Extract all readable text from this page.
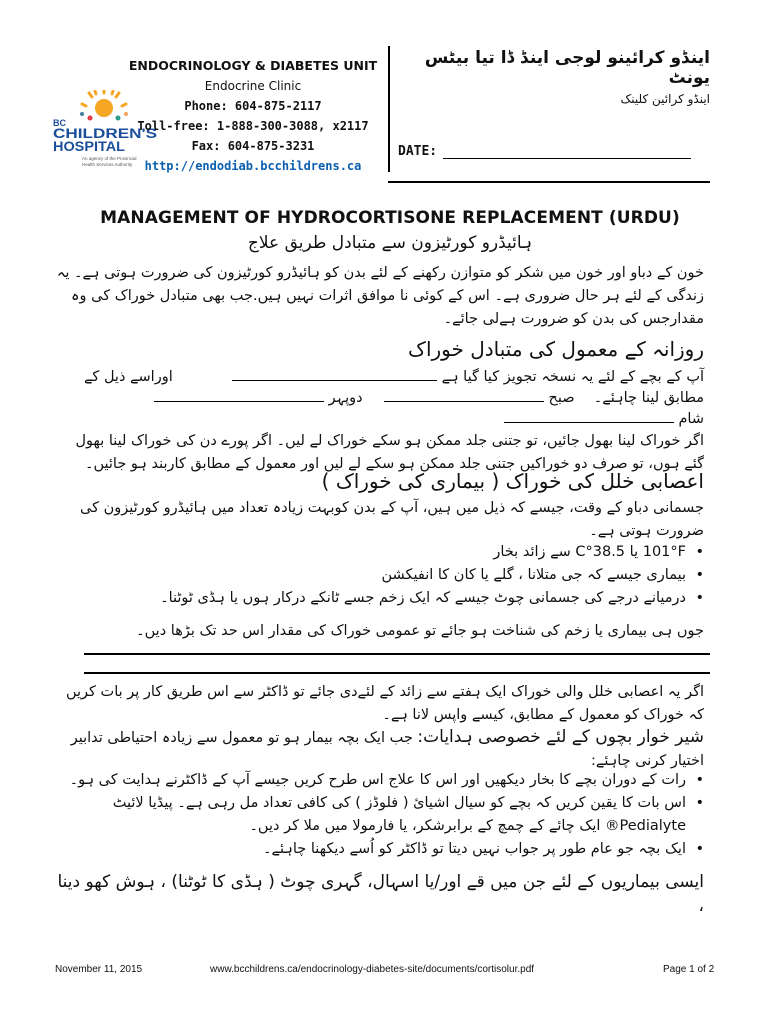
BC
CHILDREN'S
HOSPITAL
An agency of the Provincial
Health Services Authority
ENDOCRINOLOGY & DIABETES UNIT
Endocrine Clinic
Phone: 604-875-2117
Toll-free: 1-888-300-3088, x2117
Fax: 604-875-3231
http://endodiab.bcchildrens.ca
اینڈو کرائینو لوجی اینڈ ڈا تیا بیٹس یونٹ
اینڈو کرائین کلینک
DATE:
MANAGEMENT OF HYDROCORTISONE REPLACEMENT (URDU)
ہائیڈرو کورٹیزون سے متبادل طریق علاج
خون کے دباو اور خون میں شکر کو متوازن رکھنے کے لئے بدن کو ہائیڈرو کورٹیزون کی ضرورت ہوتی ہے۔ یہ زندگی کے لئے ہر حال ضروری ہے۔ اس کے کوئی نا موافق اثرات نہیں ہیں.جب بھی متبادل خوراک کی وہ مقدارجس کی بدن کو ضرورت ہےلی جائے۔
روزانہ کے معمول کی متبادل خوراک
آپ کے بچے کے لئے یہ نسخہ تجویز کیا گیا ہے   اوراسے ذیل کے
مطابق لینا چاہئے۔  صبح   دوپہر
شام
اگر خوراک لینا بھول جائیں، تو جتنی جلد ممکن ہو سکے خوراک لے لیں۔ اگر پورے دن کی خوراک لینا بھول گئے ہوں، تو صرف دو خوراکیں جتنی جلد ممکن ہو سکے لے لیں اور معمول کے مطابق کاربند ہو جائیں۔
اعصابی خلل کی خوراک ( بیماری کی خوراک )
جسمانی دباو کے وقت، جیسے کہ ذیل میں ہیں، آپ کے بدن کوبہت زیادہ تعداد میں ہائیڈرو کورٹیزون کی ضرورت ہوتی ہے۔
• 101°F یا 38.5°C سے زائد بخار
• بیماری جیسے کہ جی متلانا ، گلے یا کان کا انفیکشن
• درمیانے درجے کی جسمانی چوٹ جیسے کہ ایک زخم جسے ٹانکے درکار ہوں یا ہڈی ٹوٹنا۔
جوں ہی بیماری یا زخم کی شناخت ہو جائے تو عمومی خوراک کی مقدار اس حد تک بڑھا دیں۔
اگر یہ اعصابی خلل والی خوراک ایک ہفتے سے زائد کے لئےدی جائے تو ڈاکٹر سے اس طریق کار پر بات کریں کہ خوراک کو معمول کے مطابق، کیسے واپس لانا ہے۔
شیر خوار بچوں کے لئے خصوصی ہدایات: جب ایک بچہ بیمار ہو تو معمول سے زیادہ احتیاطی تدابیر اختیار کرنی چاہئے:
• رات کے دوران بچے کا بخار دیکھیں اور اس کا علاج اس طرح کریں جیسے آپ کے ڈاکٹرنے ہدایت کی ہو۔
• اس بات کا یقین کریں کہ بچے کو سیال اشیائ ( فلوڈز ) کی کافی تعداد مل رہی ہے۔ پیڈیا لائیٹ Pedialyte® ایک چائے کے چمچ کے برابرشکر، یا فارمولا میں ملا کر دیں۔
• ایک بچہ جو عام طور پر جواب نہیں دیتا تو ڈاکٹر کو اُسے دیکھنا چاہئے۔
ایسی بیماریوں کے لئے جن میں قے اور/یا اسہال، گہری چوٹ ( ہڈی کا ٹوٹنا) ، ہوش کھو دینا ،
November 11, 2015	www.bcchildrens.ca/endocrinology-diabetes-site/documents/cortisolur.pdf	Page 1 of 2
